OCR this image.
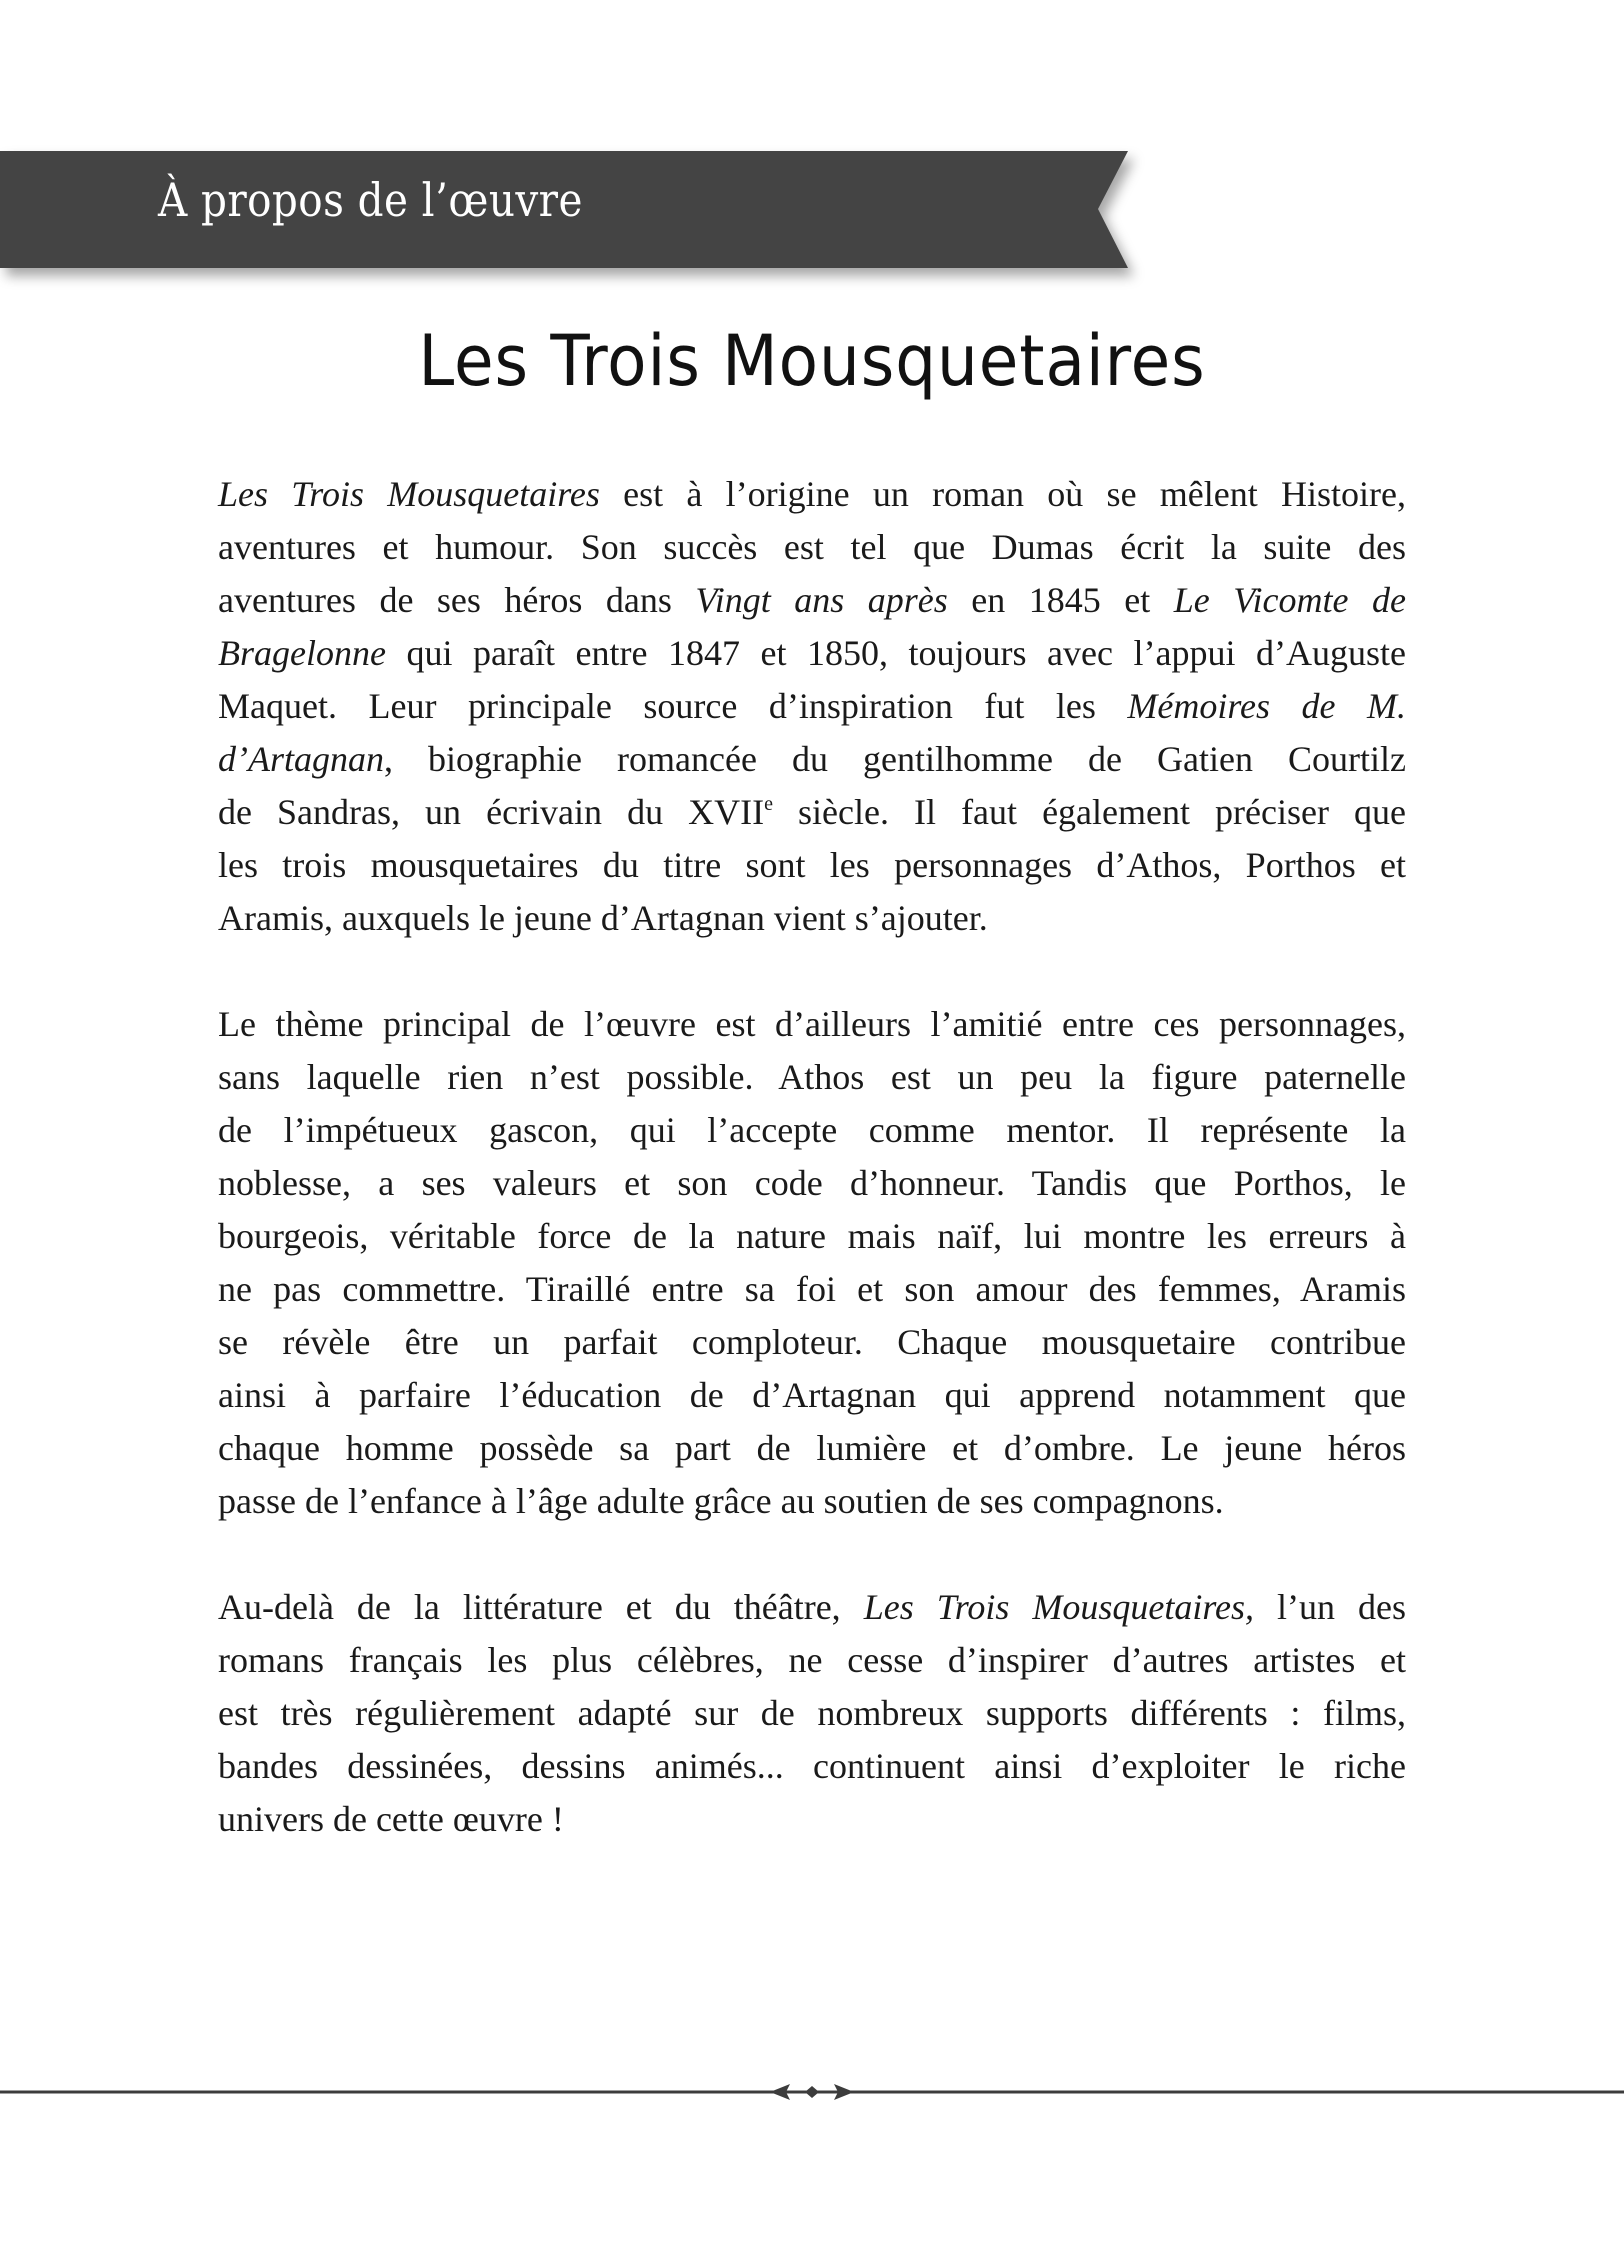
À propos de l’œuvre
Les Trois Mousquetaires

Les Trois Mousquetaires est à l’origine un roman où se mêlent Histoire,
aventures et humour. Son succès est tel que Dumas écrit la suite des
aventures de ses héros dans Vingt ans après en 1845 et Le Vicomte de
Bragelonne qui paraît entre 1847 et 1850, toujours avec l’appui d’Auguste
Maquet. Leur principale source d’inspiration fut les Mémoires de M.
d’Artagnan, biographie romancée du gentilhomme de Gatien Courtilz
de Sandras, un écrivain du XVIIe siècle. Il faut également préciser que
les trois mousquetaires du titre sont les personnages d’Athos, Porthos et
Aramis, auxquels le jeune d’Artagnan vient s’ajouter.

Le thème principal de l’œuvre est d’ailleurs l’amitié entre ces personnages,
sans laquelle rien n’est possible. Athos est un peu la figure paternelle
de l’impétueux gascon, qui l’accepte comme mentor. Il représente la
noblesse, a ses valeurs et son code d’honneur. Tandis que Porthos, le
bourgeois, véritable force de la nature mais naïf, lui montre les erreurs à
ne pas commettre. Tiraillé entre sa foi et son amour des femmes, Aramis
se révèle être un parfait comploteur. Chaque mousquetaire contribue
ainsi à parfaire l’éducation de d’Artagnan qui apprend notamment que
chaque homme possède sa part de lumière et d’ombre. Le jeune héros
passe de l’enfance à l’âge adulte grâce au soutien de ses compagnons.

Au-delà de la littérature et du théâtre, Les Trois Mousquetaires, l’un des
romans français les plus célèbres, ne cesse d’inspirer d’autres artistes et
est très régulièrement adapté sur de nombreux supports différents : films,
bandes dessinées, dessins animés... continuent ainsi d’exploiter le riche
univers de cette œuvre !
